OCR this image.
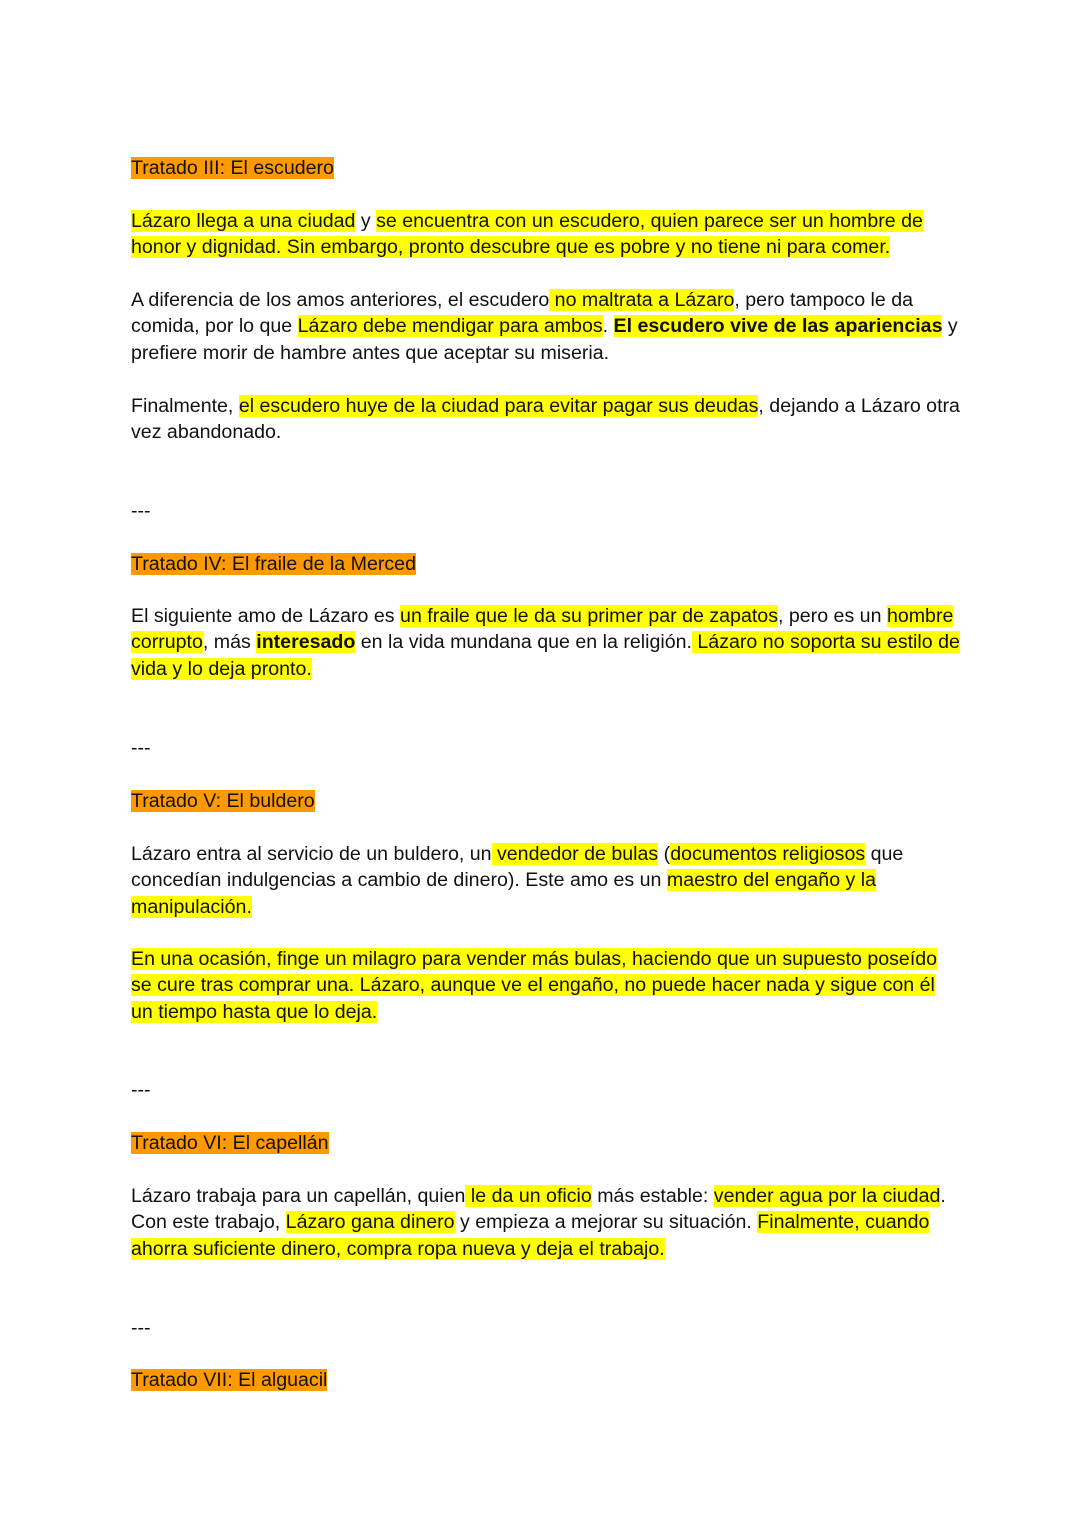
Tratado III: El escudero

Lázaro llega a una ciudad y se encuentra con un escudero, quien parece ser un hombre de honor y dignidad. Sin embargo, pronto descubre que es pobre y no tiene ni para comer.

A diferencia de los amos anteriores, el escudero no maltrata a Lázaro, pero tampoco le da comida, por lo que Lázaro debe mendigar para ambos. El escudero vive de las apariencias y prefiere morir de hambre antes que aceptar su miseria.

Finalmente, el escudero huye de la ciudad para evitar pagar sus deudas, dejando a Lázaro otra vez abandonado.

---

Tratado IV: El fraile de la Merced

El siguiente amo de Lázaro es un fraile que le da su primer par de zapatos, pero es un hombre corrupto, más interesado en la vida mundana que en la religión. Lázaro no soporta su estilo de vida y lo deja pronto.

---

Tratado V: El buldero

Lázaro entra al servicio de un buldero, un vendedor de bulas (documentos religiosos que concedían indulgencias a cambio de dinero). Este amo es un maestro del engaño y la manipulación.

En una ocasión, finge un milagro para vender más bulas, haciendo que un supuesto poseído se cure tras comprar una. Lázaro, aunque ve el engaño, no puede hacer nada y sigue con él un tiempo hasta que lo deja.

---

Tratado VI: El capellán

Lázaro trabaja para un capellán, quien le da un oficio más estable: vender agua por la ciudad. Con este trabajo, Lázaro gana dinero y empieza a mejorar su situación. Finalmente, cuando ahorra suficiente dinero, compra ropa nueva y deja el trabajo.

---

Tratado VII: El alguacil
